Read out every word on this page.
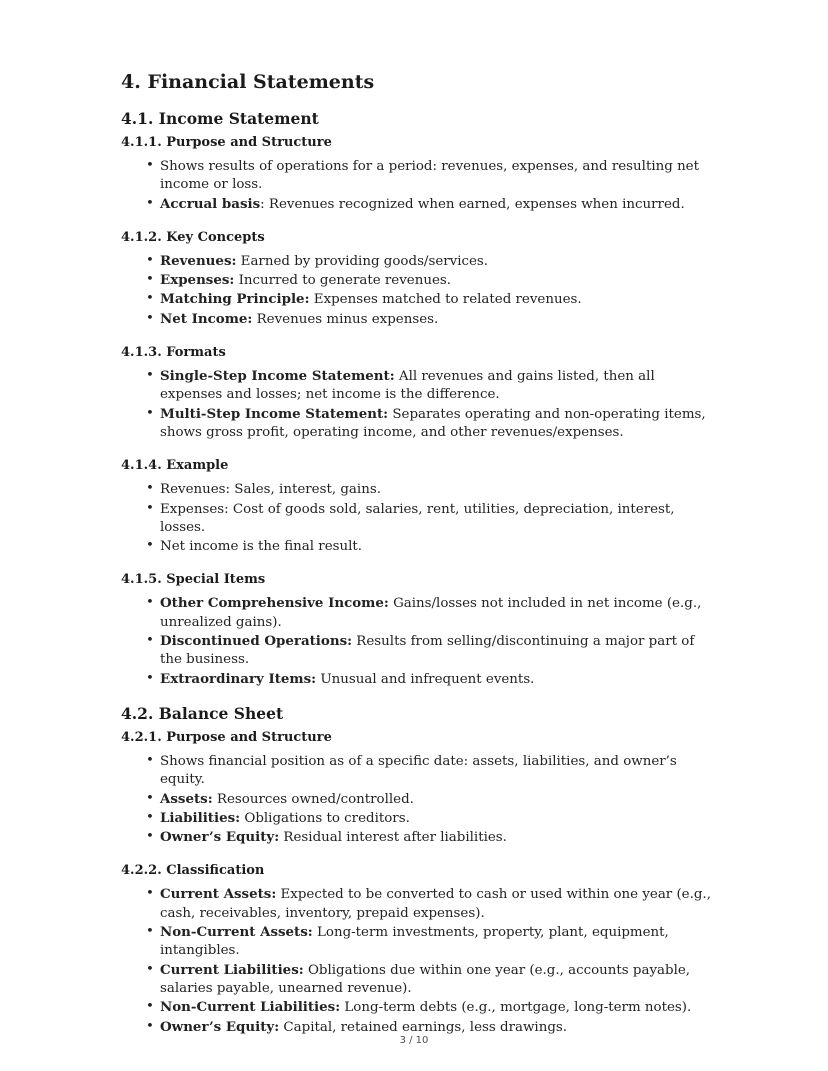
4. Financial Statements
4.1. Income Statement
4.1.1. Purpose and Structure
• Shows results of operations for a period: revenues, expenses, and resulting net income or loss.
• Accrual basis: Revenues recognized when earned, expenses when incurred.
4.1.2. Key Concepts
• Revenues: Earned by providing goods/services.
• Expenses: Incurred to generate revenues.
• Matching Principle: Expenses matched to related revenues.
• Net Income: Revenues minus expenses.
4.1.3. Formats
• Single-Step Income Statement: All revenues and gains listed, then all expenses and losses; net income is the difference.
• Multi-Step Income Statement: Separates operating and non-operating items, shows gross profit, operating income, and other revenues/expenses.
4.1.4. Example
• Revenues: Sales, interest, gains.
• Expenses: Cost of goods sold, salaries, rent, utilities, depreciation, interest, losses.
• Net income is the final result.
4.1.5. Special Items
• Other Comprehensive Income: Gains/losses not included in net income (e.g., unrealized gains).
• Discontinued Operations: Results from selling/discontinuing a major part of the business.
• Extraordinary Items: Unusual and infrequent events.
4.2. Balance Sheet
4.2.1. Purpose and Structure
• Shows financial position as of a specific date: assets, liabilities, and owner’s equity.
• Assets: Resources owned/controlled.
• Liabilities: Obligations to creditors.
• Owner’s Equity: Residual interest after liabilities.
4.2.2. Classification
• Current Assets: Expected to be converted to cash or used within one year (e.g., cash, receivables, inventory, prepaid expenses).
• Non-Current Assets: Long-term investments, property, plant, equipment, intangibles.
• Current Liabilities: Obligations due within one year (e.g., accounts payable, salaries payable, unearned revenue).
• Non-Current Liabilities: Long-term debts (e.g., mortgage, long-term notes).
• Owner’s Equity: Capital, retained earnings, less drawings.
3 / 10
